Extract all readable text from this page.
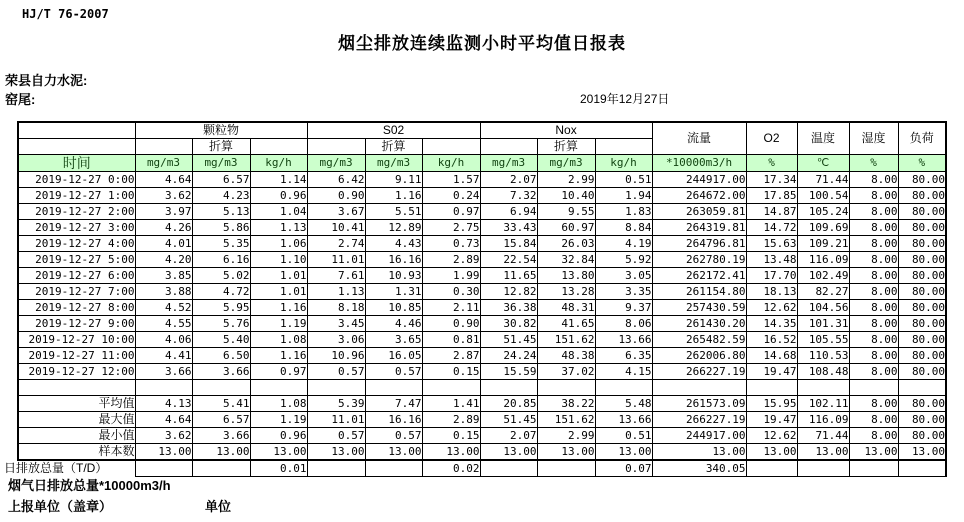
HJ/T 76-2007
烟尘排放连续监测小时平均值日报表
荣县自力水泥:
窑尾:	2019年12月27日
	颗粒物			S02			Nox			流量	O2	温度	湿度	负荷
		折算			折算			折算						
时间	mg/m3	mg/m3	kg/h	mg/m3	mg/m3	kg/h	mg/m3	mg/m3	kg/h	*10000m3/h	%	℃	%	%
2019-12-27 0:00	4.64	6.57	1.14	6.42	9.11	1.57	2.07	2.99	0.51	244917.00	17.34	71.44	8.00	80.00
2019-12-27 1:00	3.62	4.23	0.96	0.90	1.16	0.24	7.32	10.40	1.94	264672.00	17.85	100.54	8.00	80.00
2019-12-27 2:00	3.97	5.13	1.04	3.67	5.51	0.97	6.94	9.55	1.83	263059.81	14.87	105.24	8.00	80.00
2019-12-27 3:00	4.26	5.86	1.13	10.41	12.89	2.75	33.43	60.97	8.84	264319.81	14.72	109.69	8.00	80.00
2019-12-27 4:00	4.01	5.35	1.06	2.74	4.43	0.73	15.84	26.03	4.19	264796.81	15.63	109.21	8.00	80.00
2019-12-27 5:00	4.20	6.16	1.10	11.01	16.16	2.89	22.54	32.84	5.92	262780.19	13.48	116.09	8.00	80.00
2019-12-27 6:00	3.85	5.02	1.01	7.61	10.93	1.99	11.65	13.80	3.05	262172.41	17.70	102.49	8.00	80.00
2019-12-27 7:00	3.88	4.72	1.01	1.13	1.31	0.30	12.82	13.28	3.35	261154.80	18.13	82.27	8.00	80.00
2019-12-27 8:00	4.52	5.95	1.16	8.18	10.85	2.11	36.38	48.31	9.37	257430.59	12.62	104.56	8.00	80.00
2019-12-27 9:00	4.55	5.76	1.19	3.45	4.46	0.90	30.82	41.65	8.06	261430.20	14.35	101.31	8.00	80.00
2019-12-27 10:00	4.06	5.40	1.08	3.06	3.65	0.81	51.45	151.62	13.66	265482.59	16.52	105.55	8.00	80.00
2019-12-27 11:00	4.41	6.50	1.16	10.96	16.05	2.87	24.24	48.38	6.35	262006.80	14.68	110.53	8.00	80.00
2019-12-27 12:00	3.66	3.66	0.97	0.57	0.57	0.15	15.59	37.02	4.15	266227.19	19.47	108.48	8.00	80.00

平均值	4.13	5.41	1.08	5.39	7.47	1.41	20.85	38.22	5.48	261573.09	15.95	102.11	8.00	80.00
最大值	4.64	6.57	1.19	11.01	16.16	2.89	51.45	151.62	13.66	266227.19	19.47	116.09	8.00	80.00
最小值	3.62	3.66	0.96	0.57	0.57	0.15	2.07	2.99	0.51	244917.00	12.62	71.44	8.00	80.00
样本数	13.00	13.00	13.00	13.00	13.00	13.00	13.00	13.00	13.00	13.00	13.00	13.00	13.00	13.00

日排放总量（T/D）			0.01			0.02			0.07	340.05				
烟气日排放总量*10000m3/h
上报单位（盖章）	单位
